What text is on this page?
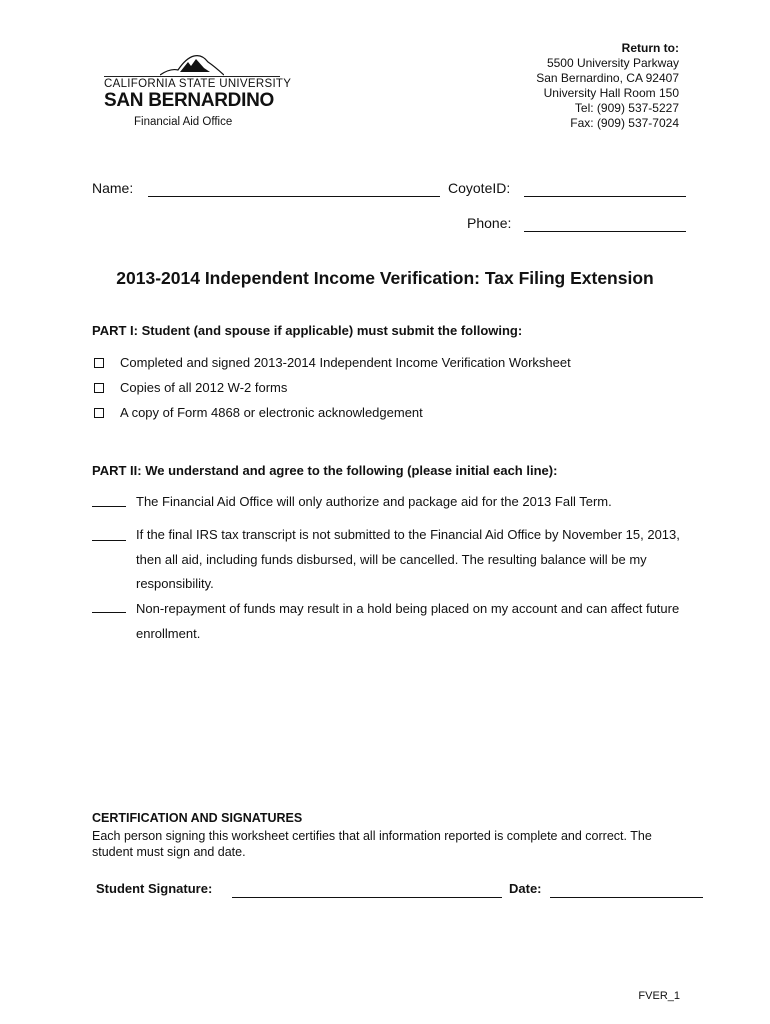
CALIFORNIA STATE UNIVERSITY
SAN BERNARDINO
Financial Aid Office
Return to:
5500 University Parkway
San Bernardino, CA 92407
University Hall Room 150
Tel: (909) 537-5227
Fax: (909) 537-7024
Name:	CoyoteID:
Phone:
2013-2014 Independent Income Verification: Tax Filing Extension
PART I: Student (and spouse if applicable) must submit the following:
Completed and signed 2013-2014 Independent Income Verification Worksheet
Copies of all 2012 W-2 forms
A copy of Form 4868 or electronic acknowledgement
PART II: We understand and agree to the following (please initial each line):
The Financial Aid Office will only authorize and package aid for the 2013 Fall Term.
If the final IRS tax transcript is not submitted to the Financial Aid Office by November 15, 2013, then all aid, including funds disbursed, will be cancelled. The resulting balance will be my responsibility.
Non-repayment of funds may result in a hold being placed on my account and can affect future enrollment.
CERTIFICATION AND SIGNATURES
Each person signing this worksheet certifies that all information reported is complete and correct. The student must sign and date.
Student Signature:	Date:
FVER_1
